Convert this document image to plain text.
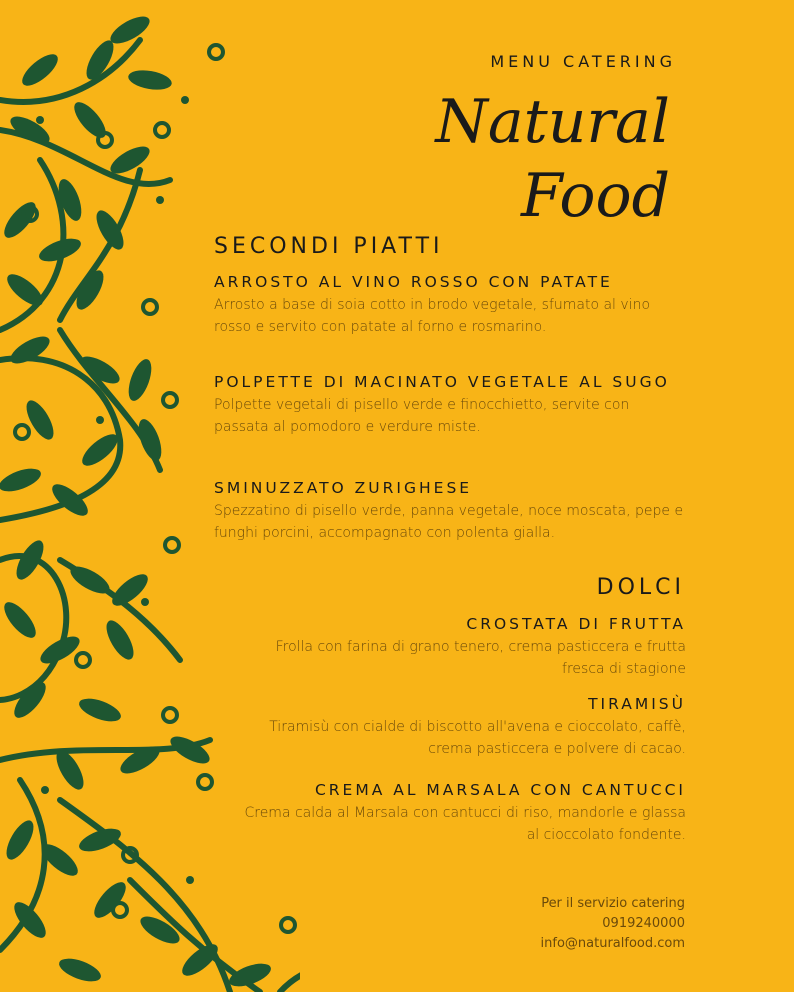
MENU CATERING
Natural
Food
SECONDI PIATTI
ARROSTO AL VINO ROSSO CON PATATE
Arrosto a base di soia cotto in brodo vegetale, sfumato al vino rosso e servito con patate al forno e rosmarino.
POLPETTE DI MACINATO VEGETALE AL SUGO
Polpette vegetali di pisello verde e finocchietto, servite con passata al pomodoro e verdure miste.
SMINUZZATO ZURIGHESE
Spezzatino di pisello verde, panna vegetale, noce moscata, pepe e funghi porcini, accompagnato con polenta gialla.
DOLCI
CROSTATA DI FRUTTA
Frolla con farina di grano tenero, crema pasticcera e frutta fresca di stagione
TIRAMISÙ
Tiramisù con cialde di biscotto all'avena e cioccolato, caffè, crema pasticcera e polvere di cacao.
CREMA AL MARSALA CON CANTUCCI
Crema calda al Marsala con cantucci di riso, mandorle e glassa al cioccolato fondente.
Per il servizio catering
0919240000
info@naturalfood.com
